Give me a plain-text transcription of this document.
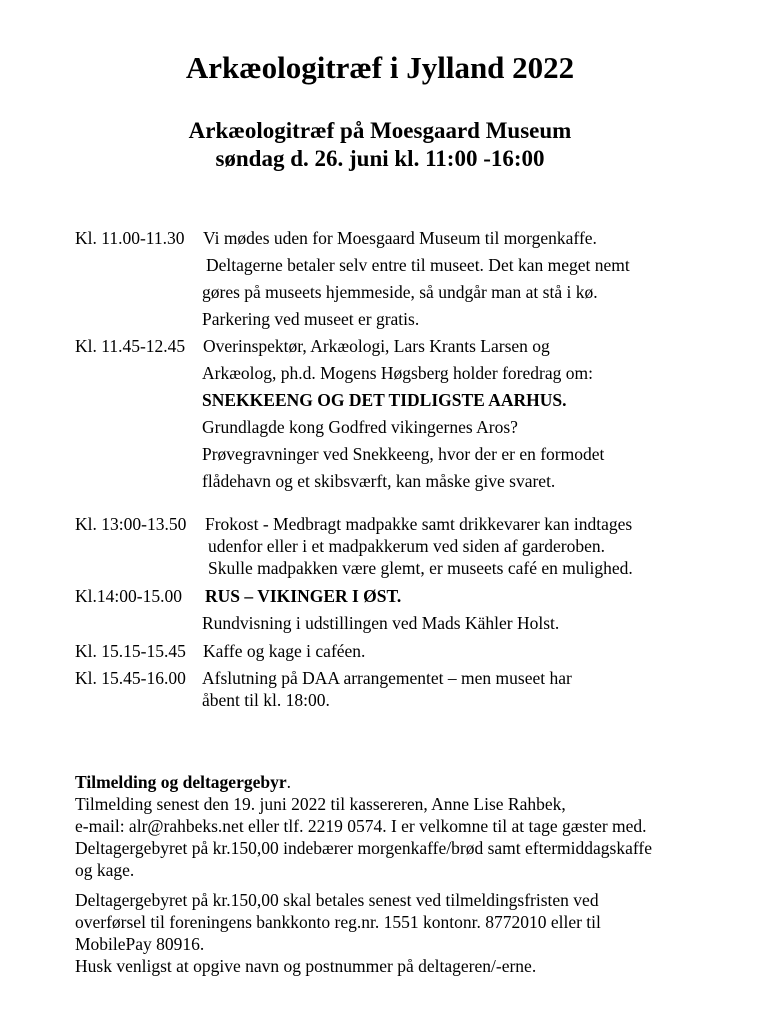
Arkæologitræf i Jylland 2022
Arkæologitræf på Moesgaard Museum
søndag d. 26. juni kl. 11:00 -16:00
Kl. 11.00-11.30 Vi mødes uden for Moesgaard Museum til morgenkaffe.
Deltagerne betaler selv entre til museet. Det kan meget nemt
gøres på museets hjemmeside, så undgår man at stå i kø.
Parkering ved museet er gratis.
Kl. 11.45-12.45 Overinspektør, Arkæologi, Lars Krants Larsen og
Arkæolog, ph.d. Mogens Høgsberg holder foredrag om:
SNEKKEENG OG DET TIDLIGSTE AARHUS.
Grundlagde kong Godfred vikingernes Aros?
Prøvegravninger ved Snekkeeng, hvor der er en formodet
flådehavn og et skibsværft, kan måske give svaret.
Kl. 13:00-13.50 Frokost - Medbragt madpakke samt drikkevarer kan indtages
udenfor eller i et madpakkerum ved siden af garderoben.
Skulle madpakken være glemt, er museets café en mulighed.
Kl.14:00-15.00 RUS – VIKINGER I ØST.
Rundvisning i udstillingen ved Mads Kähler Holst.
Kl. 15.15-15.45 Kaffe og kage i caféen.
Kl. 15.45-16.00 Afslutning på DAA arrangementet – men museet har
åbent til kl. 18:00.
Tilmelding og deltagergebyr.
Tilmelding senest den 19. juni 2022 til kassereren, Anne Lise Rahbek,
e-mail: alr@rahbeks.net eller tlf. 2219 0574. I er velkomne til at tage gæster med.
Deltagergebyret på kr.150,00 indebærer morgenkaffe/brød samt eftermiddagskaffe
og kage.
Deltagergebyret på kr.150,00 skal betales senest ved tilmeldingsfristen ved
overførsel til foreningens bankkonto reg.nr. 1551 kontonr. 8772010 eller til
MobilePay 80916.
Husk venligst at opgive navn og postnummer på deltageren/-erne.
